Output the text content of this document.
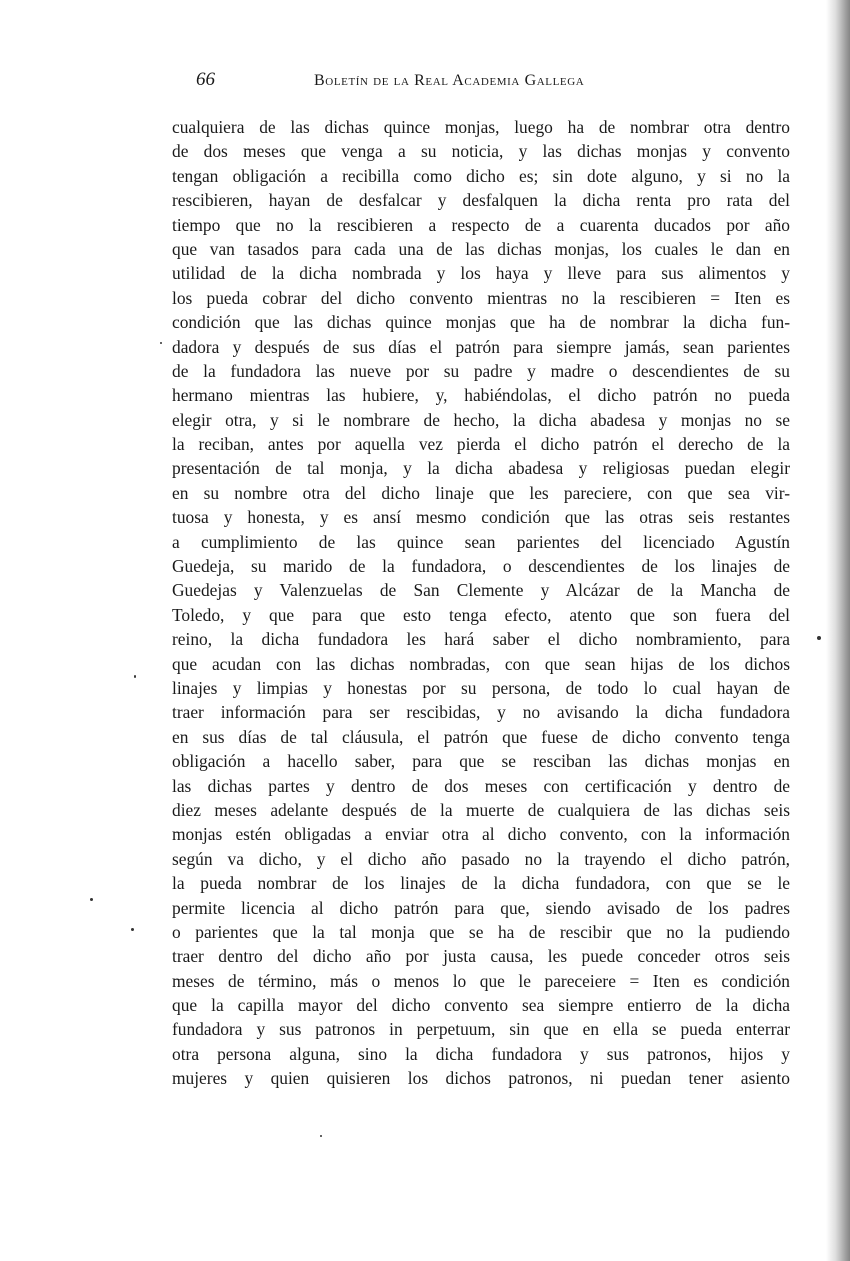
66	Boletín de la Real Academia Gallega
cualquiera de las dichas quince monjas, luego ha de nombrar otra dentro
de dos meses que venga a su noticia, y las dichas monjas y convento
tengan obligación a recibilla como dicho es; sin dote alguno, y si no la
rescibieren, hayan de desfalcar y desfalquen la dicha renta pro rata del
tiempo que no la rescibieren a respecto de a cuarenta ducados por año
que van tasados para cada una de las dichas monjas, los cuales le dan en
utilidad de la dicha nombrada y los haya y lleve para sus alimentos y
los pueda cobrar del dicho convento mientras no la rescibieren = Iten es
condición que las dichas quince monjas que ha de nombrar la dicha fun-
dadora y después de sus días el patrón para siempre jamás, sean parientes
de la fundadora las nueve por su padre y madre o descendientes de su
hermano mientras las hubiere, y, habiéndolas, el dicho patrón no pueda
elegir otra, y si le nombrare de hecho, la dicha abadesa y monjas no se
la reciban, antes por aquella vez pierda el dicho patrón el derecho de la
presentación de tal monja, y la dicha abadesa y religiosas puedan elegir
en su nombre otra del dicho linaje que les pareciere, con que sea vir-
tuosa y honesta, y es ansí mesmo condición que las otras seis restantes
a cumplimiento de las quince sean parientes del licenciado Agustín
Guedeja, su marido de la fundadora, o descendientes de los linajes de
Guedejas y Valenzuelas de San Clemente y Alcázar de la Mancha de
Toledo, y que para que esto tenga efecto, atento que son fuera del
reino, la dicha fundadora les hará saber el dicho nombramiento, para
que acudan con las dichas nombradas, con que sean hijas de los dichos
linajes y limpias y honestas por su persona, de todo lo cual hayan de
traer información para ser rescibidas, y no avisando la dicha fundadora
en sus días de tal cláusula, el patrón que fuese de dicho convento tenga
obligación a hacello saber, para que se resciban las dichas monjas en
las dichas partes y dentro de dos meses con certificación y dentro de
diez meses adelante después de la muerte de cualquiera de las dichas seis
monjas estén obligadas a enviar otra al dicho convento, con la información
según va dicho, y el dicho año pasado no la trayendo el dicho patrón,
la pueda nombrar de los linajes de la dicha fundadora, con que se le
permite licencia al dicho patrón para que, siendo avisado de los padres
o parientes que la tal monja que se ha de rescibir que no la pudiendo
traer dentro del dicho año por justa causa, les puede conceder otros seis
meses de término, más o menos lo que le pareceiere = Iten es condición
que la capilla mayor del dicho convento sea siempre entierro de la dicha
fundadora y sus patronos in perpetuum, sin que en ella se pueda enterrar
otra persona alguna, sino la dicha fundadora y sus patronos, hijos y
mujeres y quien quisieren los dichos patronos, ni puedan tener asiento
